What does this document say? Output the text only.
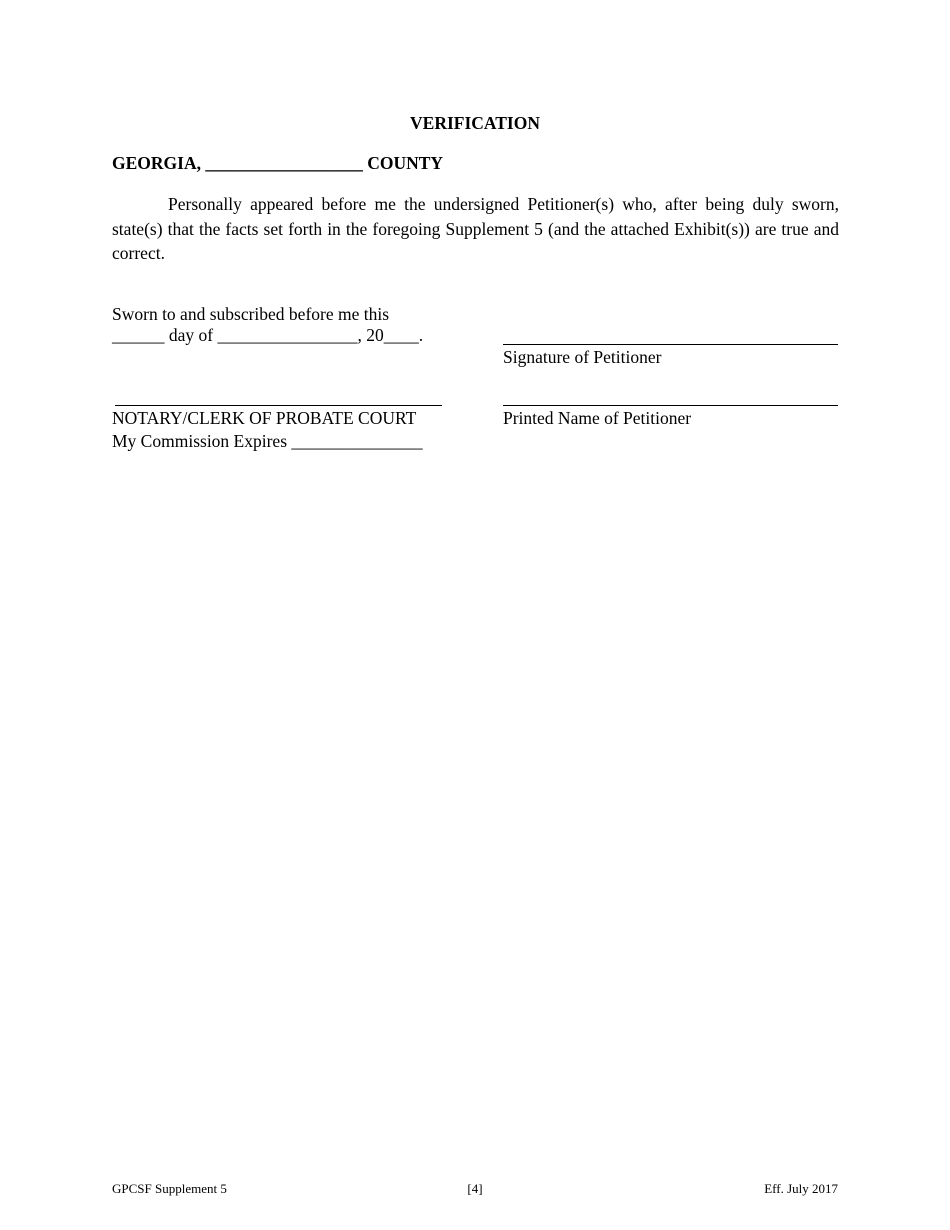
VERIFICATION
GEORGIA, __________________ COUNTY

Personally appeared before me the undersigned Petitioner(s) who, after being duly sworn, state(s) that the facts set forth in the foregoing Supplement 5 (and the attached Exhibit(s)) are true and correct.

Sworn to and subscribed before me this
______ day of ________________, 20____.
Signature of Petitioner
NOTARY/CLERK OF PROBATE COURT	Printed Name of Petitioner
My Commission Expires _______________
GPCSF Supplement 5	[4]	Eff. July 2017
